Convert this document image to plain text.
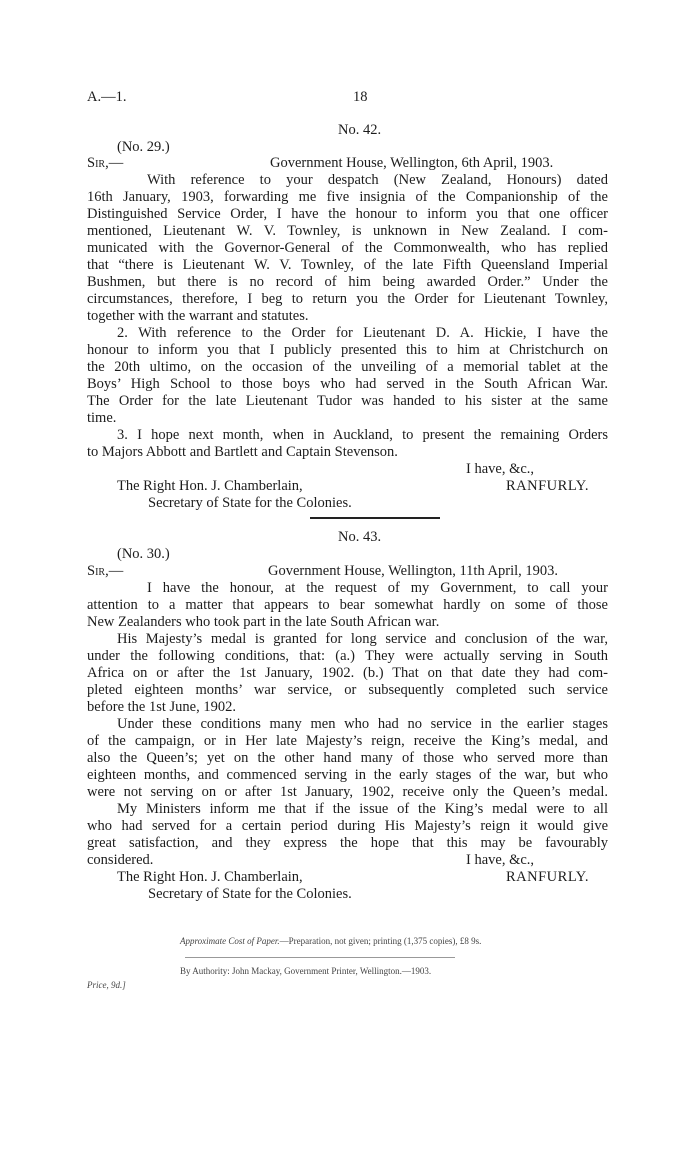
A.—1.	18
No. 42.
(No. 29.)
Sir,—	Government House, Wellington, 6th April, 1903.
With reference to your despatch (New Zealand, Honours) dated
16th January, 1903, forwarding me five insignia of the Companionship of the
Distinguished Service Order, I have the honour to inform you that one officer
mentioned, Lieutenant W. V. Townley, is unknown in New Zealand. I com-
municated with the Governor-General of the Commonwealth, who has replied
that “there is Lieutenant W. V. Townley, of the late Fifth Queensland Imperial
Bushmen, but there is no record of him being awarded Order.” Under the
circumstances, therefore, I beg to return you the Order for Lieutenant Townley,
together with the warrant and statutes.
2. With reference to the Order for Lieutenant D. A. Hickie, I have the
honour to inform you that I publicly presented this to him at Christchurch on
the 20th ultimo, on the occasion of the unveiling of a memorial tablet at the
Boys’ High School to those boys who had served in the South African War.
The Order for the late Lieutenant Tudor was handed to his sister at the same
time.
3. I hope next month, when in Auckland, to present the remaining Orders
to Majors Abbott and Bartlett and Captain Stevenson.
I have, &c.,
The Right Hon. J. Chamberlain,	RANFURLY.
Secretary of State for the Colonies.
No. 43.
(No. 30.)
Sir,—	Government House, Wellington, 11th April, 1903.
I have the honour, at the request of my Government, to call your
attention to a matter that appears to bear somewhat hardly on some of those
New Zealanders who took part in the late South African war.
His Majesty’s medal is granted for long service and conclusion of the war,
under the following conditions, that: (a.) They were actually serving in South
Africa on or after the 1st January, 1902. (b.) That on that date they had com-
pleted eighteen months’ war service, or subsequently completed such service
before the 1st June, 1902.
Under these conditions many men who had no service in the earlier stages
of the campaign, or in Her late Majesty’s reign, receive the King’s medal, and
also the Queen’s; yet on the other hand many of those who served more than
eighteen months, and commenced serving in the early stages of the war, but who
were not serving on or after 1st January, 1902, receive only the Queen’s medal.
My Ministers inform me that if the issue of the King’s medal were to all
who had served for a certain period during His Majesty’s reign it would give
great satisfaction, and they express the hope that this may be favourably
considered.	I have, &c.,
The Right Hon. J. Chamberlain,	RANFURLY.
Secretary of State for the Colonies.
Approximate Cost of Paper.—Preparation, not given; printing (1,375 copies), £8 9s.
By Authority: John Mackay, Government Printer, Wellington.—1903.
Price, 9d.]
